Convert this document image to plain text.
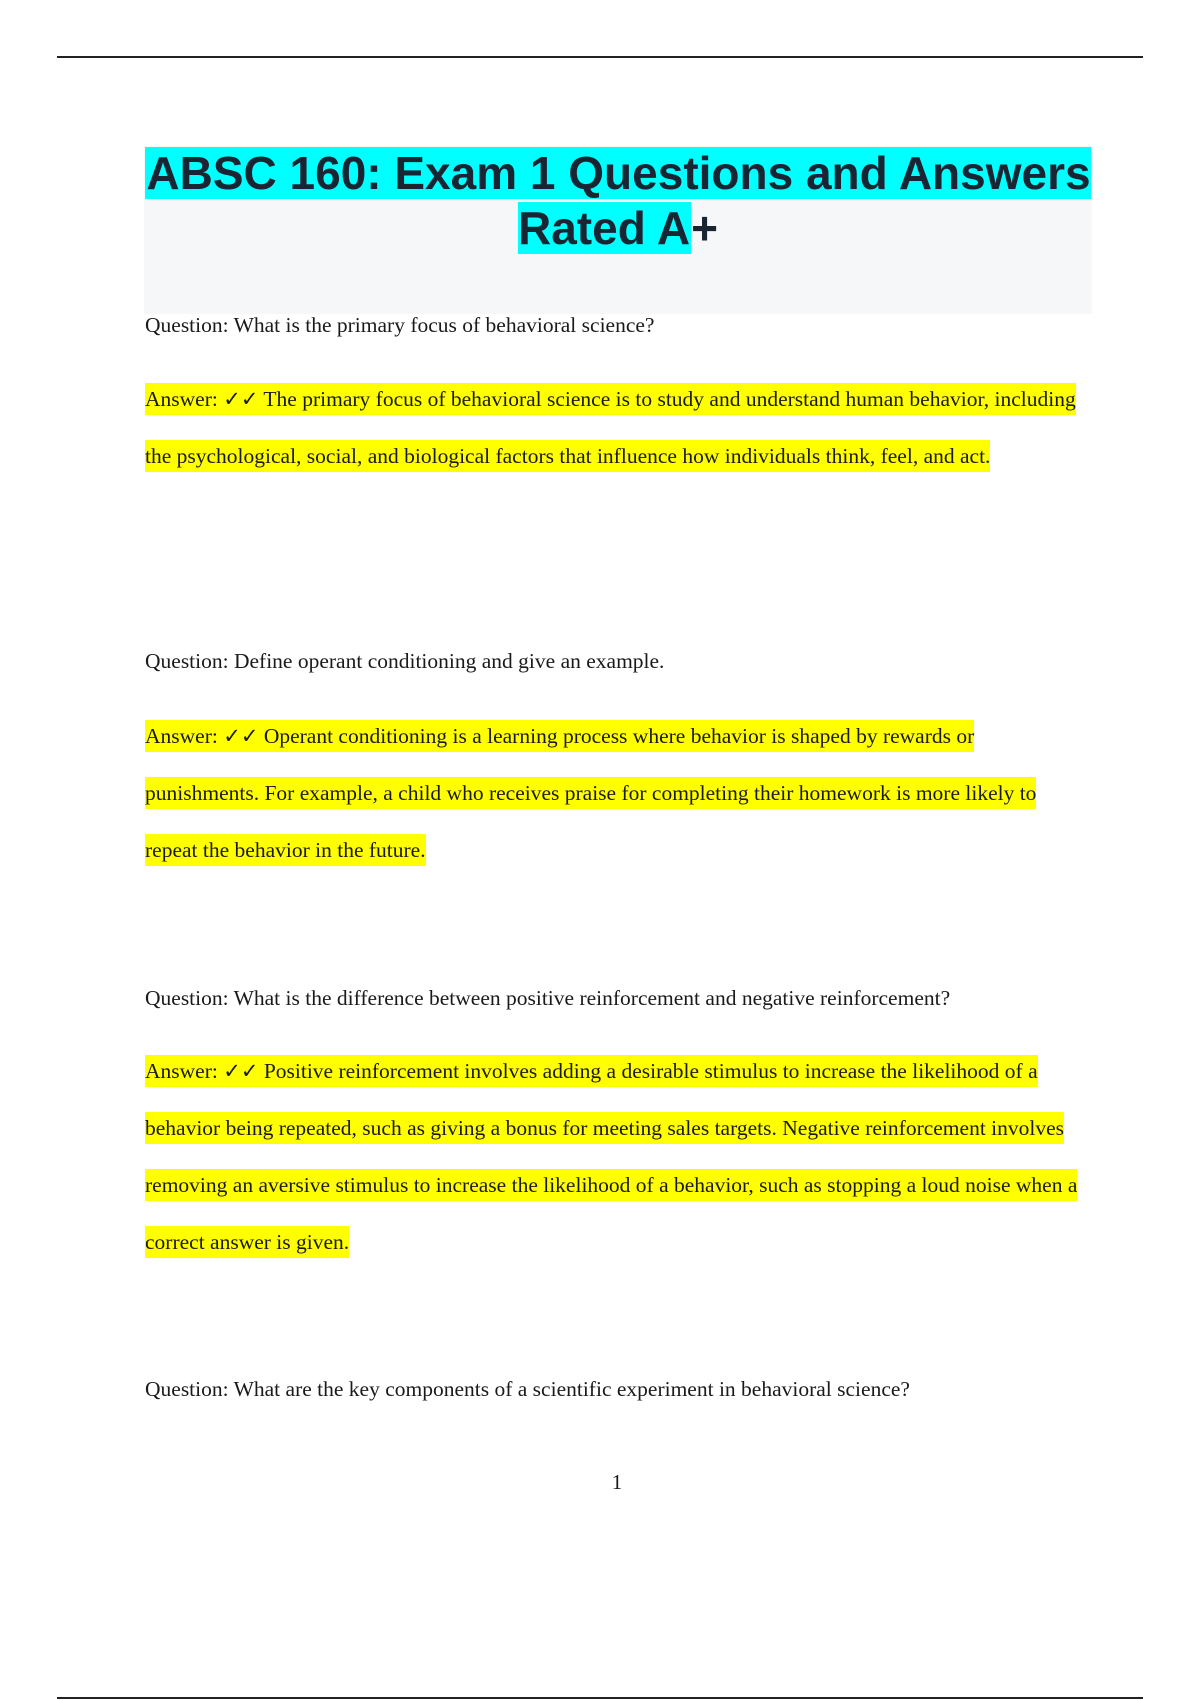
ABSC 160: Exam 1 Questions and Answers Rated A+

Question: What is the primary focus of behavioral science?

Answer: ✓✓ The primary focus of behavioral science is to study and understand human behavior, including the psychological, social, and biological factors that influence how individuals think, feel, and act.

Question: Define operant conditioning and give an example.

Answer: ✓✓ Operant conditioning is a learning process where behavior is shaped by rewards or punishments. For example, a child who receives praise for completing their homework is more likely to repeat the behavior in the future.

Question: What is the difference between positive reinforcement and negative reinforcement?

Answer: ✓✓ Positive reinforcement involves adding a desirable stimulus to increase the likelihood of a behavior being repeated, such as giving a bonus for meeting sales targets. Negative reinforcement involves removing an aversive stimulus to increase the likelihood of a behavior, such as stopping a loud noise when a correct answer is given.

Question: What are the key components of a scientific experiment in behavioral science?

1
